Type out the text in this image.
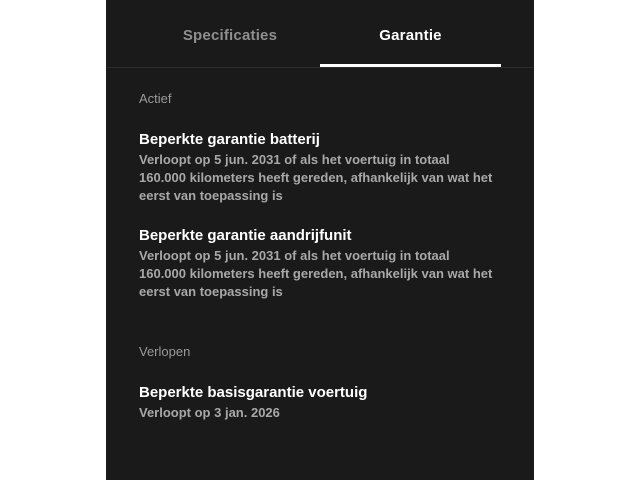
Specificaties	Garantie
Actief
Beperkte garantie batterij
Verloopt op 5 jun. 2031 of als het voertuig in totaal
160.000 kilometers heeft gereden, afhankelijk van wat het
eerst van toepassing is
Beperkte garantie aandrijfunit
Verloopt op 5 jun. 2031 of als het voertuig in totaal
160.000 kilometers heeft gereden, afhankelijk van wat het
eerst van toepassing is
Verlopen
Beperkte basisgarantie voertuig
Verloopt op 3 jan. 2026
